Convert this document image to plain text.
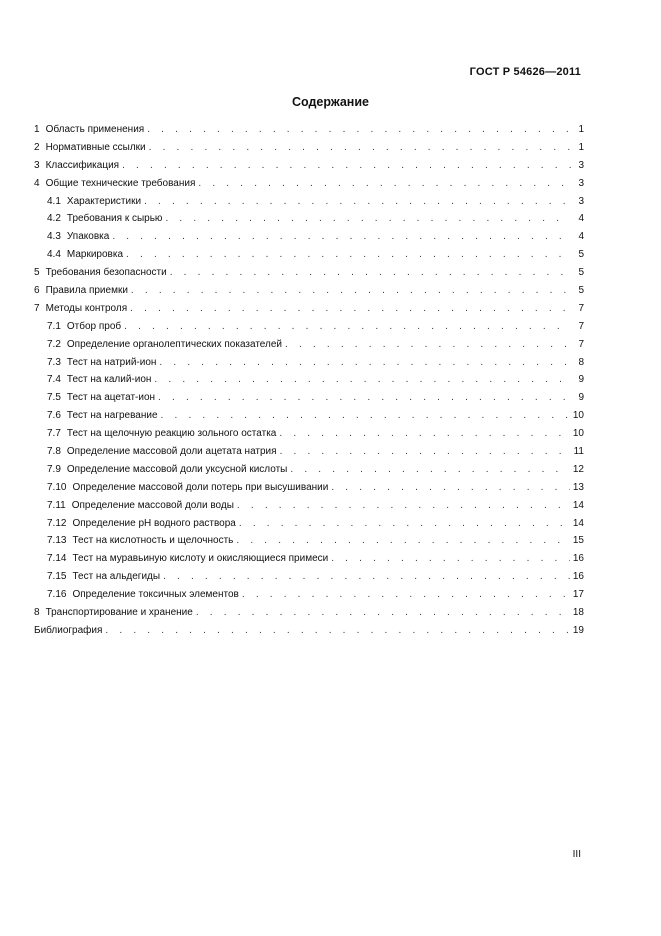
ГОСТ Р 54626—2011
Содержание
1 Область применения . . .	1
2 Нормативные ссылки . . .	1
3 Классификация . . .	3
4 Общие технические требования . . .	3
4.1 Характеристики . . .	3
4.2 Требования к сырью . . .	4
4.3 Упаковка . . .	4
4.4 Маркировка . . .	5
5 Требования безопасности . . .	5
6 Правила приемки . . .	5
7 Методы контроля . . .	7
7.1 Отбор проб . . .	7
7.2 Определение органолептических показателей . . .	7
7.3 Тест на натрий-ион . . .	8
7.4 Тест на калий-ион . . .	9
7.5 Тест на ацетат-ион . . .	9
7.6 Тест на нагревание . . .	10
7.7 Тест на щелочную реакцию зольного остатка . . .	10
7.8 Определение массовой доли ацетата натрия . . .	11
7.9 Определение массовой доли уксусной кислоты . . .	12
7.10 Определение массовой доли потерь при высушивании . . .	13
7.11 Определение массовой доли воды . . .	14
7.12 Определение pH водного раствора . . .	14
7.13 Тест на кислотность и щелочность . . .	15
7.14 Тест на муравьиную кислоту и окисляющиеся примеси . . .	16
7.15 Тест на альдегиды . . .	16
7.16 Определение токсичных элементов . . .	17
8 Транспортирование и хранение . . .	18
Библиография . . .	19
III
